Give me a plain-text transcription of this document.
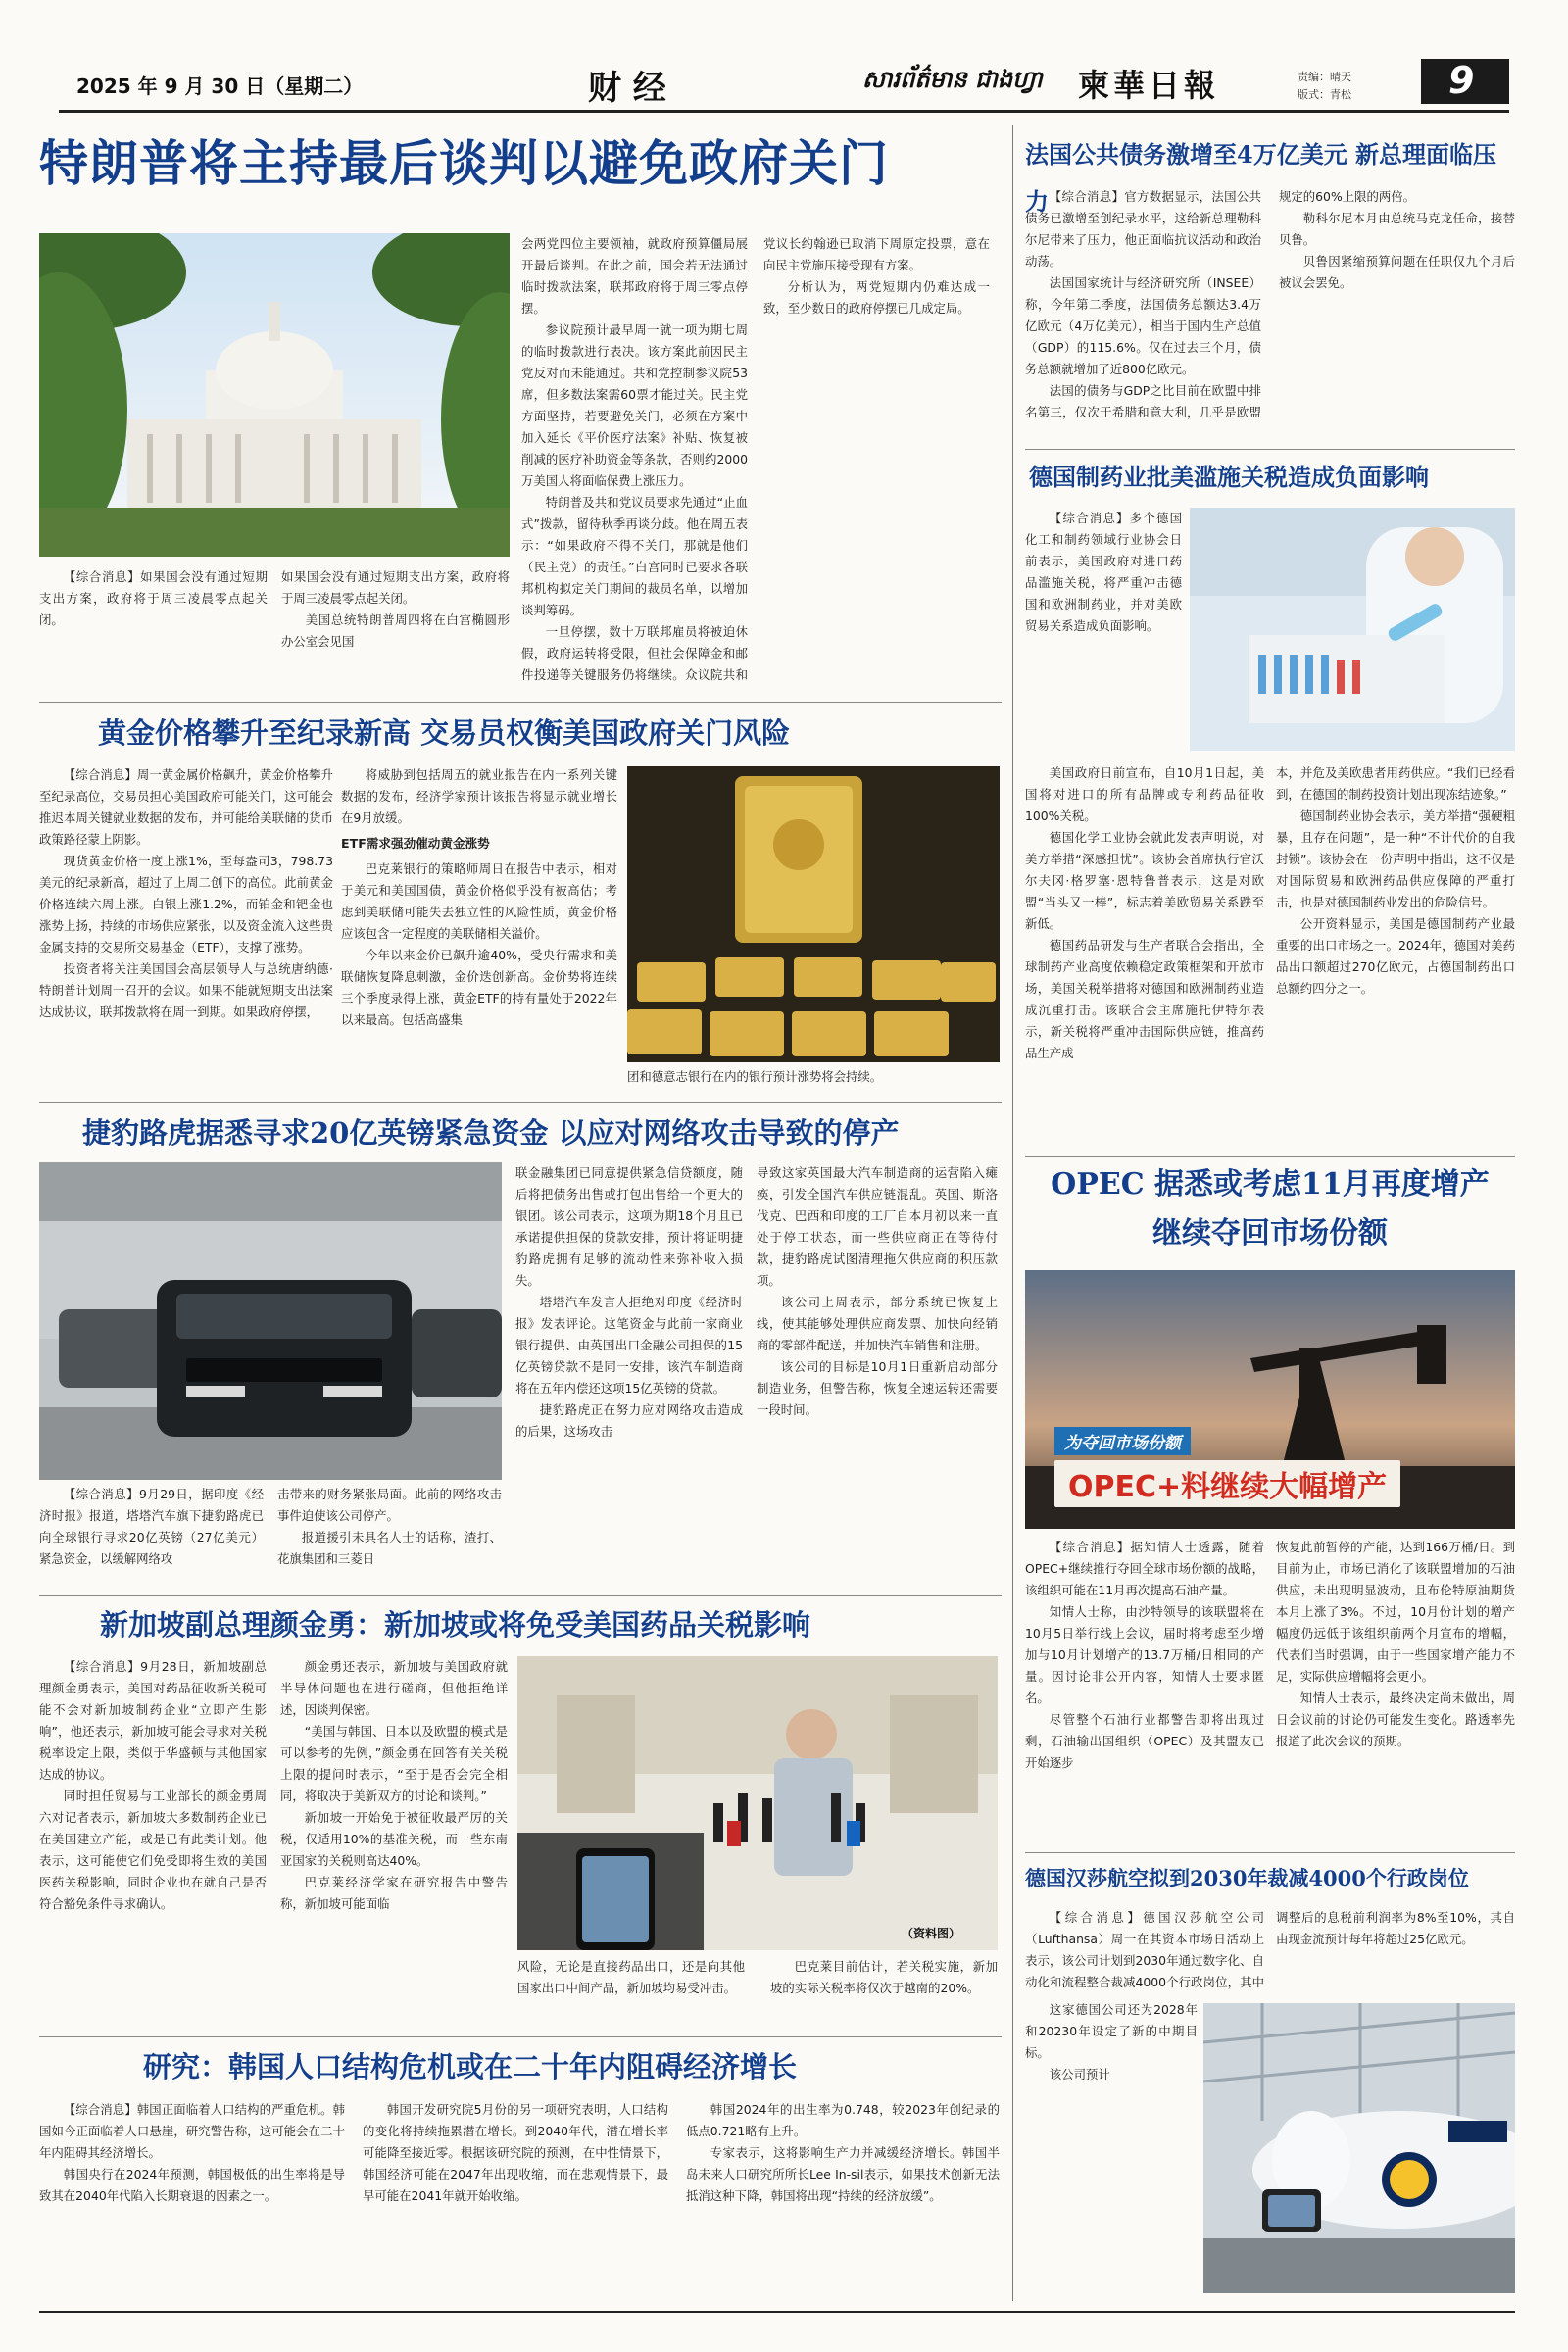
2025 年 9 月 30 日（星期二）	财 经	សារព័ត៌មាន ជាងហ្វា 柬華日報	责编：晴天
版式：青松	9
特朗普将主持最后谈判以避免政府关门

【综合消息】如果国会没有通过短期支出方案，政府将于周三凌晨零点起关闭。

如果国会没有通过短期支出方案，政府将于周三凌晨零点起关闭。

美国总统特朗普周四将在白宫椭圆形办公室会见国

会两党四位主要领袖，就政府预算僵局展开最后谈判。在此之前，国会若无法通过临时拨款法案，联邦政府将于周三零点停摆。

参议院预计最早周一就一项为期七周的临时拨款进行表决。该方案此前因民主党反对而未能通过。共和党控制参议院53席，但多数法案需60票才能过关。民主党方面坚持，若要避免关门，必须在方案中加入延长《平价医疗法案》补贴、恢复被削减的医疗补助资金等条款，否则约2000万美国人将面临保费上涨压力。

特朗普及共和党议员要求先通过“止血式”拨款，留待秋季再谈分歧。他在周五表示：“如果政府不得不关门，那就是他们（民主党）的责任。”白宫同时已要求各联邦机构拟定关门期间的裁员名单，以增加谈判筹码。

一旦停摆，数十万联邦雇员将被迫休假，政府运转将受限，但社会保障金和邮件投递等关键服务仍将继续。众议院共和党议长约翰逊已取消下周原定投票，意在向民主党施压接受现有方案。

分析认为，两党短期内仍难达成一致，至少数日的政府停摆已几成定局。

黄金价格攀升至纪录新高 交易员权衡美国政府关门风险

【综合消息】周一黄金属价格飙升，黄金价格攀升至纪录高位，交易员担心美国政府可能关门，这可能会推迟本周关键就业数据的发布，并可能给美联储的货币政策路径蒙上阴影。

现货黄金价格一度上涨1%，至每盎司3，798.73美元的纪录新高，超过了上周二创下的高位。此前黄金价格连续六周上涨。白银上涨1.2%，而铂金和钯金也涨势上扬，持续的市场供应紧张，以及资金流入这些贵金属支持的交易所交易基金（ETF），支撑了涨势。

投资者将关注美国国会高层领导人与总统唐纳德·特朗普计划周一召开的会议。如果不能就短期支出法案达成协议，联邦拨款将在周一到期。如果政府停摆，

将威胁到包括周五的就业报告在内一系列关键数据的发布，经济学家预计该报告将显示就业增长在9月放缓。

ETF需求强劲催动黄金涨势

巴克莱银行的策略师周日在报告中表示，相对于美元和美国国债，黄金价格似乎没有被高估；考虑到美联储可能失去独立性的风险性质，黄金价格应该包含一定程度的美联储相关溢价。

今年以来金价已飙升逾40%，受央行需求和美联储恢复降息刺激，金价迭创新高。金价势将连续三个季度录得上涨，黄金ETF的持有量处于2022年以来最高。包括高盛集

团和德意志银行在内的银行预计涨势将会持续。

捷豹路虎据悉寻求20亿英镑紧急资金 以应对网络攻击导致的停产

【综合消息】9月29日，据印度《经济时报》报道，塔塔汽车旗下捷豹路虎已向全球银行寻求20亿英镑（27亿美元）紧急资金，以缓解网络攻

击带来的财务紧张局面。此前的网络攻击事件迫使该公司停产。

报道援引未具名人士的话称，渣打、花旗集团和三菱日

联金融集团已同意提供紧急信贷额度，随后将把债务出售或打包出售给一个更大的银团。该公司表示，这项为期18个月且已承诺提供担保的贷款安排，预计将证明捷豹路虎拥有足够的流动性来弥补收入损失。

塔塔汽车发言人拒绝对印度《经济时报》发表评论。这笔资金与此前一家商业银行提供、由英国出口金融公司担保的15亿英镑贷款不是同一安排，该汽车制造商将在五年内偿还这项15亿英镑的贷款。

捷豹路虎正在努力应对网络攻击造成的后果，这场攻击

导致这家英国最大汽车制造商的运营陷入瘫痪，引发全国汽车供应链混乱。英国、斯洛伐克、巴西和印度的工厂自本月初以来一直处于停工状态，而一些供应商正在等待付款，捷豹路虎试图清理拖欠供应商的积压款项。

该公司上周表示，部分系统已恢复上线，使其能够处理供应商发票、加快向经销商的零部件配送，并加快汽车销售和注册。

该公司的目标是10月1日重新启动部分制造业务，但警告称，恢复全速运转还需要一段时间。

新加坡副总理颜金勇：新加坡或将免受美国药品关税影响

【综合消息】9月28日，新加坡副总理颜金勇表示，美国对药品征收新关税可能不会对新加坡制药企业“立即产生影响”，他还表示，新加坡可能会寻求对关税税率设定上限，类似于华盛顿与其他国家达成的协议。

同时担任贸易与工业部长的颜金勇周六对记者表示，新加坡大多数制药企业已在美国建立产能，或是已有此类计划。他表示，这可能使它们免受即将生效的美国医药关税影响，同时企业也在就自己是否符合豁免条件寻求确认。

颜金勇还表示，新加坡与美国政府就半导体问题也在进行磋商，但他拒绝详述，因谈判保密。

“美国与韩国、日本以及欧盟的模式是可以参考的先例，”颜金勇在回答有关关税上限的提问时表示，“至于是否会完全相同，将取决于美新双方的讨论和谈判。”

新加坡一开始免于被征收最严厉的关税，仅适用10%的基准关税，而一些东南亚国家的关税则高达40%。

巴克莱经济学家在研究报告中警告称，新加坡可能面临

（资料图）

风险，无论是直接药品出口，还是向其他国家出口中间产品，新加坡均易受冲击。

巴克莱目前估计，若关税实施，新加坡的实际关税率将仅次于越南的20%。

研究：韩国人口结构危机或在二十年内阻碍经济增长

【综合消息】韩国正面临着人口结构的严重危机。韩国如今正面临着人口悬崖，研究警告称，这可能会在二十年内阻碍其经济增长。

韩国央行在2024年预测，韩国极低的出生率将是导致其在2040年代陷入长期衰退的因素之一。

韩国开发研究院5月份的另一项研究表明，人口结构的变化将持续拖累潜在增长。到2040年代，潜在增长率可能降至接近零。根据该研究院的预测，在中性情景下，韩国经济可能在2047年出现收缩，而在悲观情景下，最早可能在2041年就开始收缩。

韩国2024年的出生率为0.748，较2023年创纪录的低点0.721略有上升。

专家表示，这将影响生产力并减缓经济增长。韩国半岛未来人口研究所所长Lee In-sil表示，如果技术创新无法抵消这种下降，韩国将出现“持续的经济放缓”。

法国公共债务激增至4万亿美元 新总理面临压力 【综合消息】官方数据显示，法国公共债务已激增至创纪录水平，这给新总理勒科尔尼带来了压力，他正面临抗议活动和政治动荡。

法国国家统计与经济研究所（INSEE）称，今年第二季度，法国债务总额达3.4万亿欧元（4万亿美元），相当于国内生产总值（GDP）的115.6%。仅在过去三个月，债务总额就增加了近800亿欧元。

法国的债务与GDP之比目前在欧盟中排名第三，仅次于希腊和意大利，几乎是欧盟规定的60%上限的两倍。

勒科尔尼本月由总统马克龙任命，接替贝鲁。

贝鲁因紧缩预算问题在任职仅九个月后被议会罢免。

德国制药业批美滥施关税造成负面影响

【综合消息】多个德国化工和制药领域行业协会日前表示，美国政府对进口药品滥施关税，将严重冲击德国和欧洲制药业，并对美欧贸易关系造成负面影响。

美国政府日前宣布，自10月1日起，美国将对进口的所有品牌或专利药品征收100%关税。

德国化学工业协会就此发表声明说，对美方举措“深感担忧”。该协会首席执行官沃尔夫冈·格罗塞·恩特鲁普表示，这是对欧盟“当头又一棒”，标志着美欧贸易关系跌至新低。

德国药品研发与生产者联合会指出，全球制药产业高度依赖稳定政策框架和开放市场，美国关税举措将对德国和欧洲制药业造成沉重打击。该联合会主席施托伊特尔表示，新关税将严重冲击国际供应链，推高药品生产成

本，并危及美欧患者用药供应。“我们已经看到，在德国的制药投资计划出现冻结迹象。”

德国制药业协会表示，美方举措“强硬粗暴，且存在问题”，是一种“不计代价的自我封锁”。该协会在一份声明中指出，这不仅是对国际贸易和欧洲药品供应保障的严重打击，也是对德国制药业发出的危险信号。

公开资料显示，美国是德国制药产业最重要的出口市场之一。2024年，德国对美药品出口额超过270亿欧元，占德国制药出口总额约四分之一。

OPEC 据悉或考虑11月再度增产
继续夺回市场份额
为夺回市场份额
OPEC+料继续大幅增产

【综合消息】据知情人士透露，随着OPEC+继续推行夺回全球市场份额的战略，该组织可能在11月再次提高石油产量。

知情人士称，由沙特领导的该联盟将在10月5日举行线上会议，届时将考虑至少增加与10月计划增产的13.7万桶/日相同的产量。因讨论非公开内容，知情人士要求匿名。

尽管整个石油行业都警告即将出现过剩，石油输出国组织（OPEC）及其盟友已开始逐步

恢复此前暂停的产能，达到166万桶/日。到目前为止，市场已消化了该联盟增加的石油供应，未出现明显波动，且布伦特原油期货本月上涨了3%。不过，10月份计划的增产幅度仍远低于该组织前两个月宣布的增幅，代表们当时强调，由于一些国家增产能力不足，实际供应增幅将会更小。

知情人士表示，最终决定尚未做出，周日会议前的讨论仍可能发生变化。路透率先报道了此次会议的预期。

德国汉莎航空拟到2030年裁减4000个行政岗位

【综合消息】德国汉莎航空公司（Lufthansa）周一在其资本市场日活动上表示，该公司计划到2030年通过数字化、自动化和流程整合裁减4000个行政岗位，其中

调整后的息税前利润率为8%至10%，其自由现金流预计每年将超过25亿欧元。

这家德国公司还为2028年和20230年设定了新的中期目标。

该公司预计
